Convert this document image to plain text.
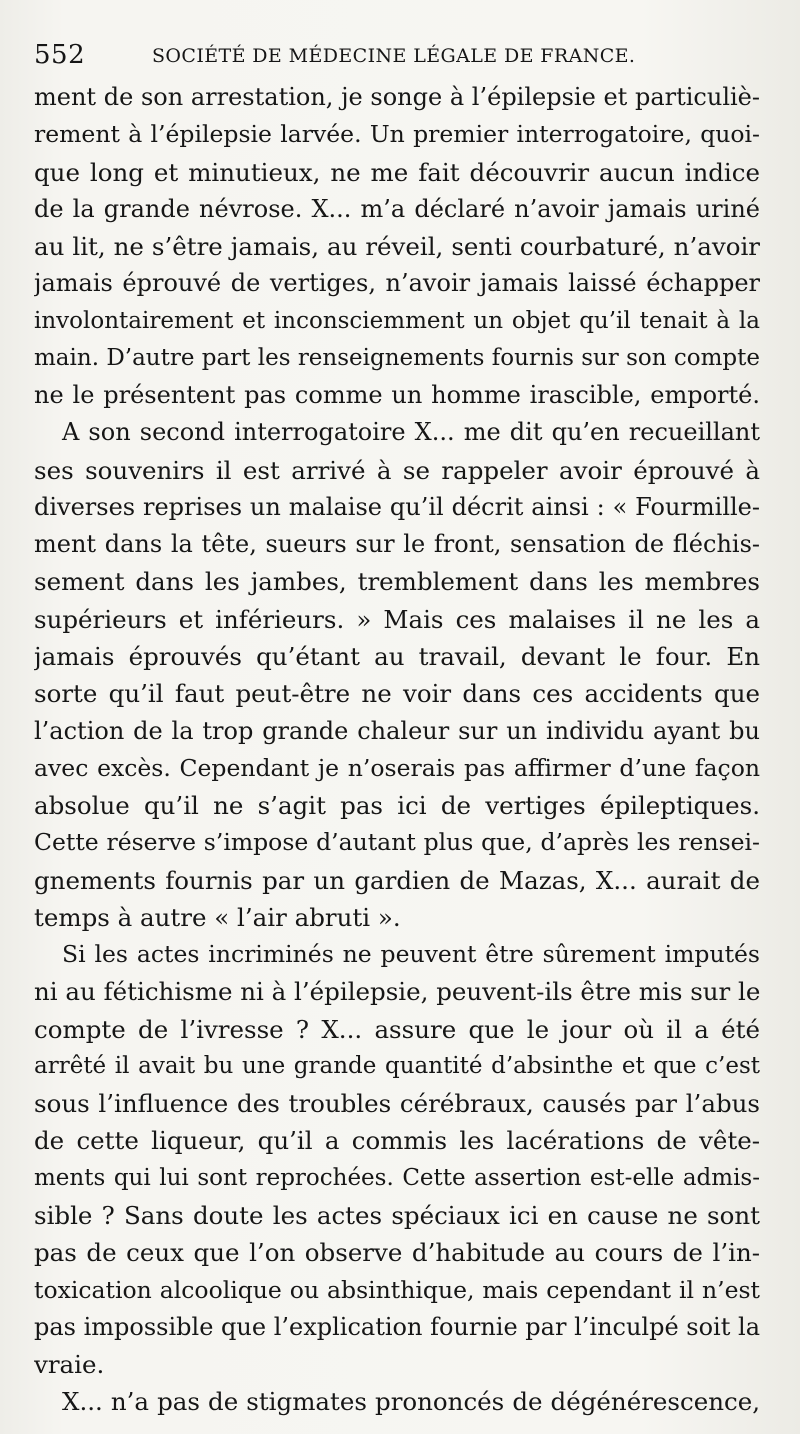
552	SOCIÉTÉ DE MÉDECINE LÉGALE DE FRANCE.
ment de son arrestation, je songe à l’épilepsie et particuliè-
rement à l’épilepsie larvée. Un premier interrogatoire, quoi-
que long et minutieux, ne me fait découvrir aucun indice
de la grande névrose. X... m’a déclaré n’avoir jamais uriné
au lit, ne s’être jamais, au réveil, senti courbaturé, n’avoir
jamais éprouvé de vertiges, n’avoir jamais laissé échapper
involontairement et inconsciemment un objet qu’il tenait à la
main. D’autre part les renseignements fournis sur son compte
ne le présentent pas comme un homme irascible, emporté.
A son second interrogatoire X... me dit qu’en recueillant
ses souvenirs il est arrivé à se rappeler avoir éprouvé à
diverses reprises un malaise qu’il décrit ainsi : « Fourmille-
ment dans la tête, sueurs sur le front, sensation de fléchis-
sement dans les jambes, tremblement dans les membres
supérieurs et inférieurs. » Mais ces malaises il ne les a
jamais éprouvés qu’étant au travail, devant le four. En
sorte qu’il faut peut-être ne voir dans ces accidents que
l’action de la trop grande chaleur sur un individu ayant bu
avec excès. Cependant je n’oserais pas affirmer d’une façon
absolue qu’il ne s’agit pas ici de vertiges épileptiques.
Cette réserve s’impose d’autant plus que, d’après les rensei-
gnements fournis par un gardien de Mazas, X... aurait de
temps à autre « l’air abruti ».
Si les actes incriminés ne peuvent être sûrement imputés
ni au fétichisme ni à l’épilepsie, peuvent-ils être mis sur le
compte de l’ivresse ? X... assure que le jour où il a été
arrêté il avait bu une grande quantité d’absinthe et que c’est
sous l’influence des troubles cérébraux, causés par l’abus
de cette liqueur, qu’il a commis les lacérations de vête-
ments qui lui sont reprochées. Cette assertion est-elle admis-
sible ? Sans doute les actes spéciaux ici en cause ne sont
pas de ceux que l’on observe d’habitude au cours de l’in-
toxication alcoolique ou absinthique, mais cependant il n’est
pas impossible que l’explication fournie par l’inculpé soit la
vraie.
X... n’a pas de stigmates prononcés de dégénérescence,
